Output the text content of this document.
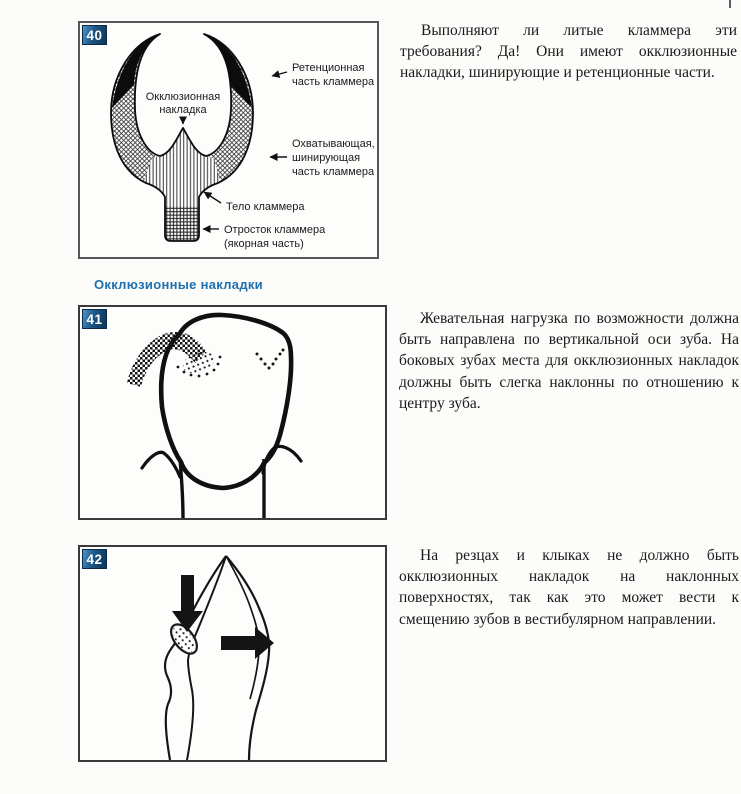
Выполняют ли литые кламмера эти требования? Да! Они имеют окклюзионные накладки, шинирующие и ретенционные части.
Ретенционная
часть кламмера
Окклюзионная
накладка
Охватывающая,
шинирующая
часть кламмера
Тело кламмера
Отросток кламмера
(якорная часть)
40
Окклюзионные накладки
41	Жевательная нагрузка по возможности должна быть направлена по вертикальной оси зуба. На боковых зубах места для окклюзионных накладок должны быть слегка наклонны по отношению к центру зуба.
42	На резцах и клыках не должно быть окклюзионных накладок на наклонных поверхностях, так как это может вести к смещению зубов в вестибулярном направлении.
